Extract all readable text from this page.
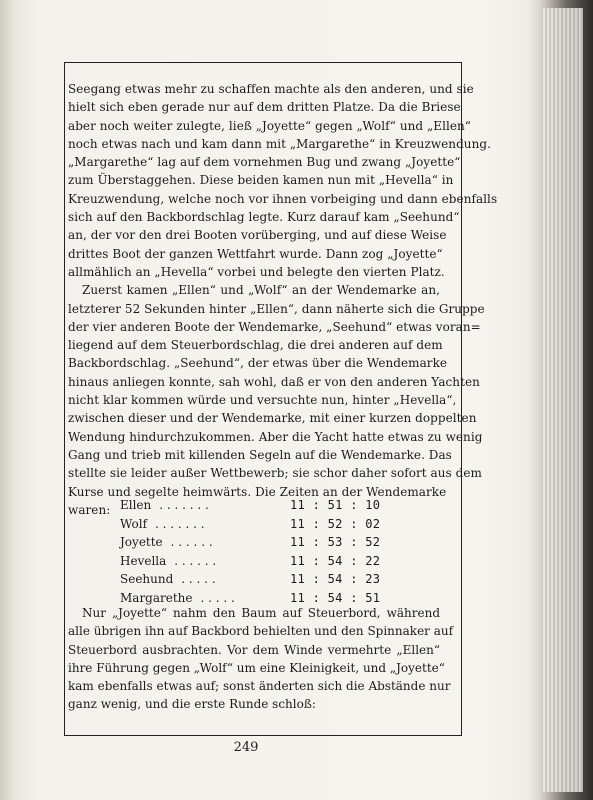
Seegang etwas mehr zu schaffen machte als den anderen, und sie
hielt sich eben gerade nur auf dem dritten Platze. Da die Briese
aber noch weiter zulegte, ließ „Joyette“ gegen „Wolf“ und „Ellen“
noch etwas nach und kam dann mit „Margarethe“ in Kreuzwendung.
„Margarethe“ lag auf dem vornehmen Bug und zwang „Joyette“
zum Überstaggehen. Diese beiden kamen nun mit „Hevella“ in
Kreuzwendung, welche noch vor ihnen vorbeiging und dann ebenfalls
sich auf den Backbordschlag legte. Kurz darauf kam „Seehund“
an, der vor den drei Booten vorüberging, und auf diese Weise
drittes Boot der ganzen Wettfahrt wurde. Dann zog „Joyette“
allmählich an „Hevella“ vorbei und belegte den vierten Platz.
Zuerst kamen „Ellen“ und „Wolf“ an der Wendemarke an,
letzterer 52 Sekunden hinter „Ellen“, dann näherte sich die Gruppe
der vier anderen Boote der Wendemarke, „Seehund“ etwas voran=
liegend auf dem Steuerbordschlag, die drei anderen auf dem
Backbordschlag. „Seehund“, der etwas über die Wendemarke
hinaus anliegen konnte, sah wohl, daß er von den anderen Yachten
nicht klar kommen würde und versuchte nun, hinter „Hevella“,
zwischen dieser und der Wendemarke, mit einer kurzen doppelten
Wendung hindurchzukommen. Aber die Yacht hatte etwas zu wenig
Gang und trieb mit killenden Segeln auf die Wendemarke. Das
stellte sie leider außer Wettbewerb; sie schor daher sofort aus dem
Kurse und segelte heimwärts. Die Zeiten an der Wendemarke
waren: Ellen . . . . . . .	11 : 51 : 10
Wolf . . . . . . .	11 : 52 : 02
Joyette . . . . . .	11 : 53 : 52
Hevella . . . . . .	11 : 54 : 22
Seehund . . . . .	11 : 54 : 23
Margarethe . . . . .	11 : 54 : 51
Nur „Joyette“ nahm den Baum auf Steuerbord, während
alle übrigen ihn auf Backbord behielten und den Spinnaker auf
Steuerbord ausbrachten. Vor dem Winde vermehrte „Ellen“
ihre Führung gegen „Wolf“ um eine Kleinigkeit, und „Joyette“
kam ebenfalls etwas auf; sonst änderten sich die Abstände nur
ganz wenig, und die erste Runde schloß:
249
